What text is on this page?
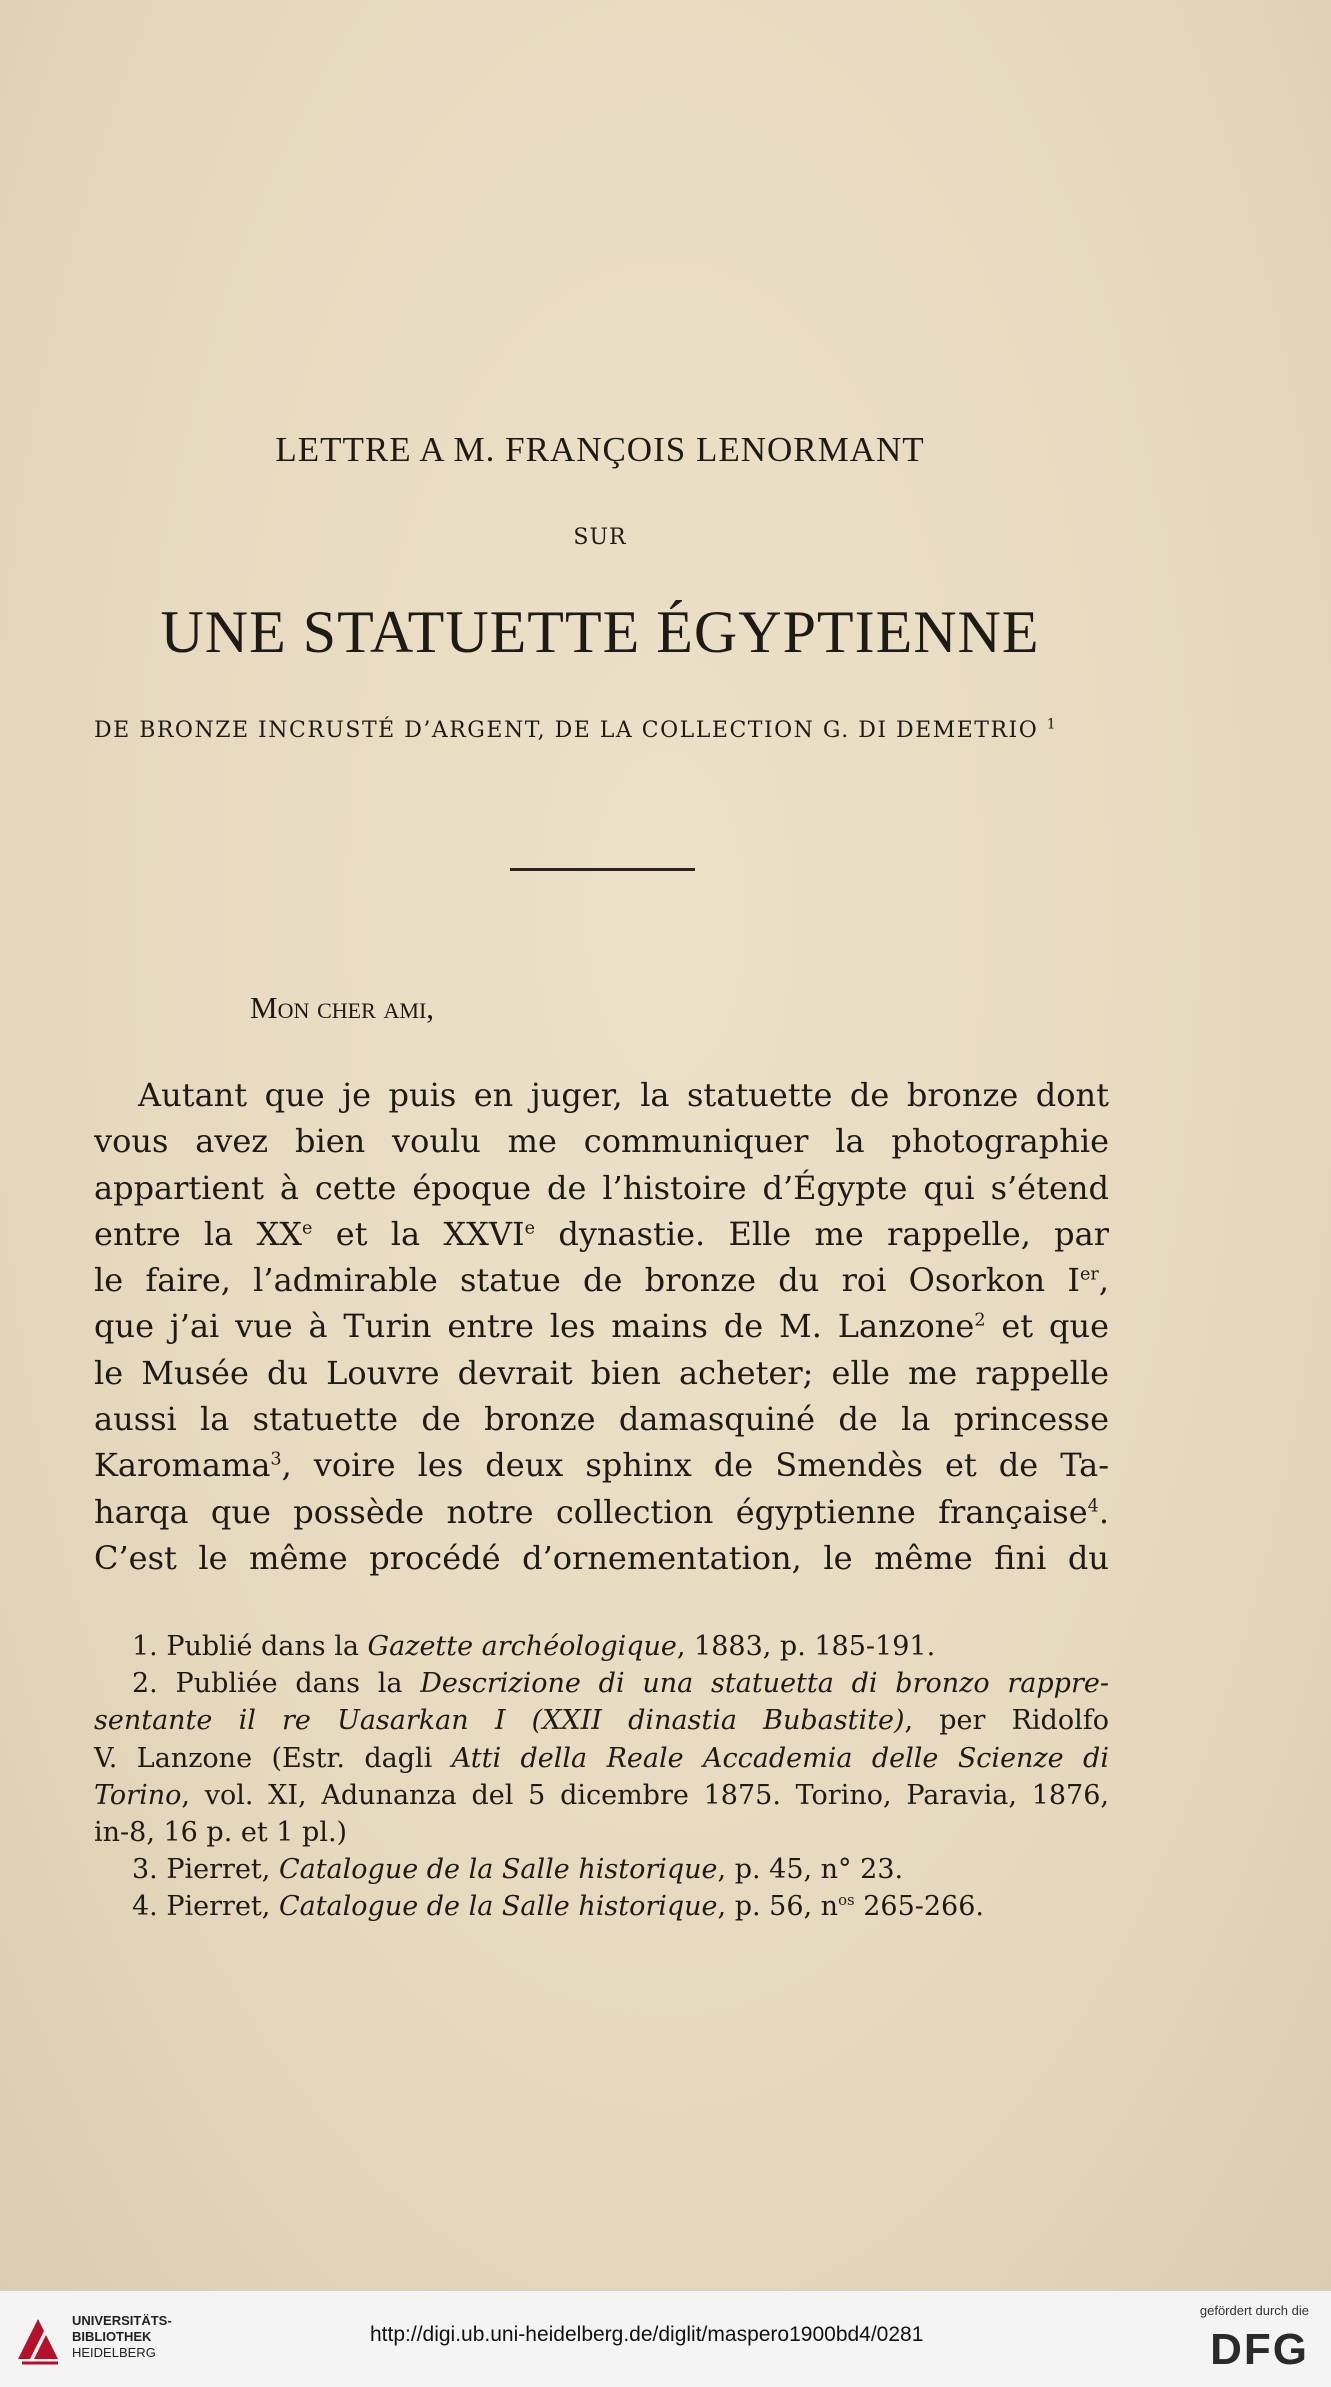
LETTRE A M. FRANÇOIS LENORMANT
SUR
UNE STATUETTE ÉGYPTIENNE
DE BRONZE INCRUSTÉ D’ARGENT, DE LA COLLECTION G. DI DEMETRIO $^1$
Mon cher ami,
Autant que je puis en juger, la statuette de bronze dont
vous avez bien voulu me communiquer la photographie
appartient à cette époque de l’histoire d’Égypte qui s’étend
entre la XXe et la XXVIe dynastie. Elle me rappelle, par
le faire, l’admirable statue de bronze du roi Osorkon Ier,
que j’ai vue à Turin entre les mains de M. Lanzone$^2$ et que
le Musée du Louvre devrait bien acheter; elle me rappelle
aussi la statuette de bronze damasquiné de la princesse
Karomama$^3$, voire les deux sphinx de Smendès et de Ta-
harqa que possède notre collection égyptienne française$^4$.
C’est le même procédé d’ornementation, le même fini du
1. Publié dans la Gazette archéologique, 1883, p. 185-191.
2. Publiée dans la Descrizione di una statuetta di bronzo rappre-
sentante il re Uasarkan I (XXII dinastia Bubastite), per Ridolfo
V. Lanzone (Estr. dagli Atti della Reale Accademia delle Scienze di
Torino, vol. XI, Adunanza del 5 dicembre 1875. Torino, Paravia, 1876,
in-8, 16 p. et 1 pl.)
3. Pierret, Catalogue de la Salle historique, p. 45, n° 23.
4. Pierret, Catalogue de la Salle historique, p. 56, $n^{os}$ 265-266.
UNIVERSITÄTS-
BIBLIOTHEK
HEIDELBERG
http://digi.ub.uni-heidelberg.de/diglit/maspero1900bd4/0281
gefördert durch die
DFG
